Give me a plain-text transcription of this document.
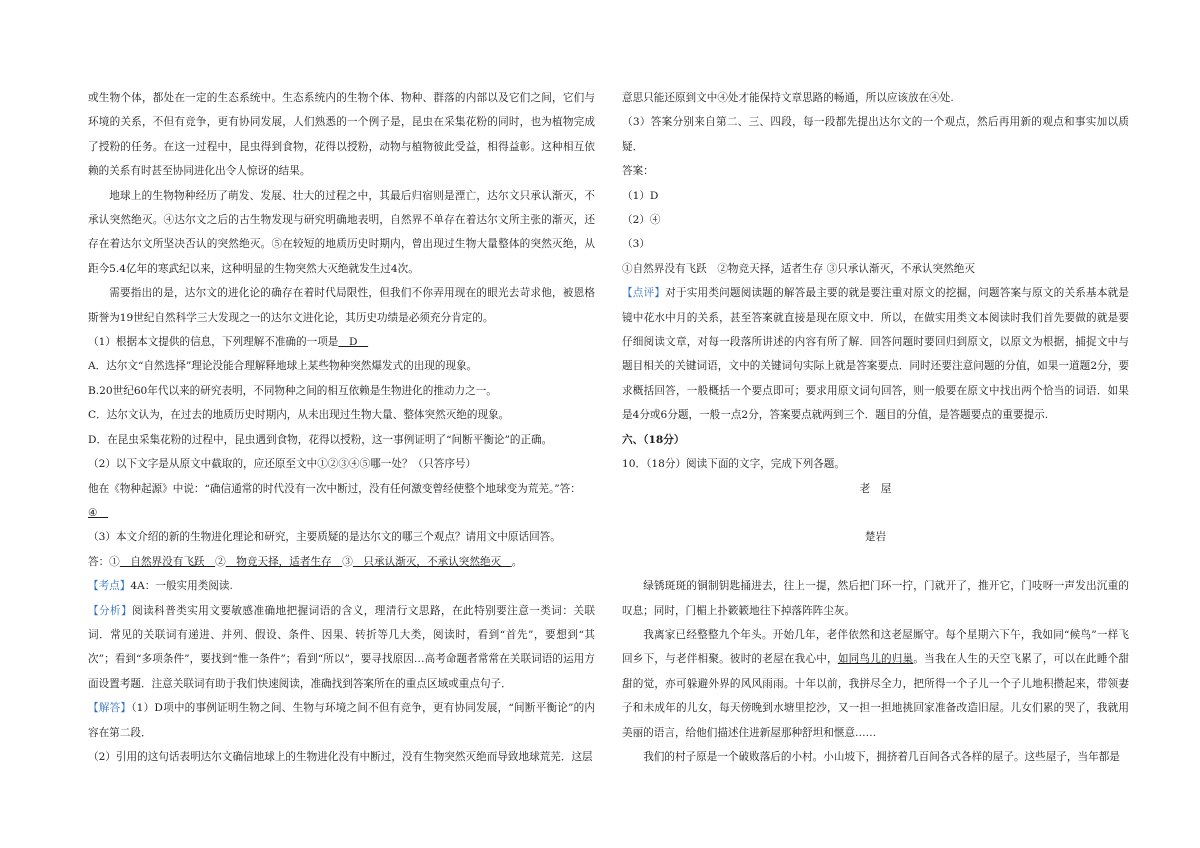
或生物个体，都处在一定的生态系统中。生态系统内的生物个体、物种、群落的内部以及它们之间，它们与环境的关系，不但有竞争，更有协同发展，人们熟悉的一个例子是，昆虫在采集花粉的同时，也为植物完成了授粉的任务。在这一过程中，昆虫得到食物，花得以授粉，动物与植物彼此受益，相得益彰。这种相互依赖的关系有时甚至协同进化出令人惊讶的结果。

地球上的生物物种经历了萌发、发展、壮大的过程之中，其最后归宿则是湮亡，达尔文只承认渐灭，不承认突然绝灭。④达尔文之后的古生物发现与研究明确地表明，自然界不单存在着达尔文所主张的渐灭，还存在着达尔文所坚决否认的突然绝灭。⑤在较短的地质历史时期内，曾出现过生物大量整体的突然灭绝，从距今5.4亿年的寒武纪以来，这种明显的生物突然大灭绝就发生过4次。

需要指出的是，达尔文的进化论的确存在着时代局限性，但我们不你弄用现在的眼光去苛求他，被恩格斯誉为19世纪自然科学三大发现之一的达尔文进化论，其历史功绩是必须充分肯定的。

（1）根据本文提供的信息，下列理解不准确的一项是　D　

A．达尔文“自然选择”理论没能合理解释地球上某些物种突然爆发式的出现的现象。

B.20世纪60年代以来的研究表明，不同物种之间的相互依赖是生物进化的推动力之一。

C．达尔文认为，在过去的地质历史时期内，从未出现过生物大量、整体突然灭绝的现象。

D．在昆虫采集花粉的过程中，昆虫遇到食物，花得以授粉，这一事例证明了“间断平衡论”的正确。

（2）以下文字是从原文中截取的，应还原至文中①②③④⑤哪一处？（只答序号）

他在《物种起源》中说：“确信通常的时代没有一次中断过，没有任何激变曾经使整个地球变为荒芜。”答：

④　

（3）本文介绍的新的生物进化理论和研究，主要质疑的是达尔文的哪三个观点？请用文中原话回答。

答：①　自然界没有飞跃　②　物竞天择，适者生存　③　只承认渐灭，不承认突然绝灭　。

【考点】4A：一般实用类阅读.

【分析】阅读科普类实用文要敏感准确地把握词语的含义，理清行文思路，在此特别要注意一类词：关联词．常见的关联词有递进、并列、假设、条件、因果、转折等几大类，阅读时，看到“首先”，要想到“其次”；看到“多项条件”，要找到“惟一条件”；看到“所以”，要寻找原因…高考命题者常常在关联词语的运用方面设置考题．注意关联词有助于我们快速阅读，准确找到答案所在的重点区域或重点句子．

【解答】（1）D项中的事例证明生物之间、生物与环境之间不但有竞争，更有协同发展，“间断平衡论”的内容在第二段．

（2）引用的这句话表明达尔文确信地球上的生物进化没有中断过，没有生物突然灭绝而导致地球荒芜．这层

意思只能还原到文中④处才能保持文章思路的畅通，所以应该放在④处.

（3）答案分别来自第二、三、四段，每一段都先提出达尔文的一个观点，然后再用新的观点和事实加以质疑．

答案：

（1）D

（2）④

（3）

①自然界没有飞跃　②物竞天择，适者生存 ③只承认渐灭，不承认突然绝灭

【点评】对于实用类问题阅读题的解答最主要的就是要注重对原文的挖掘，问题答案与原文的关系基本就是镜中花水中月的关系，甚至答案就直接是现在原文中．所以，在做实用类文本阅读时我们首先要做的就是要仔细阅读文章，对每一段落所讲述的内容有所了解．回答问题时要回归到原文，以原文为根据，捕捉文中与题目相关的关键词语，文中的关键词句实际上就是答案要点．同时还要注意问题的分值，如果一道题2分，要求概括回答，一般概括一个要点即可；要求用原文词句回答，则一般要在原文中找出两个恰当的词语．如果是4分或6分题，一般一点2分，答案要点就两到三个．题目的分值，是答题要点的重要提示.

六、（18分）

10．（18分）阅读下面的文字，完成下列各题。

老　屋

楚岩

绿锈斑斑的铜制钥匙捅进去，往上一提，然后把门环一拧，门就开了，推开它，门吱呀一声发出沉重的叹息；同时，门楣上扑簌簌地往下掉落阵阵尘灰。

我离家已经整整九个年头。开始几年，老伴依然和这老屋厮守。每个星期六下午，我如同“候鸟”一样飞回乡下，与老伴相聚。彼时的老屋在我心中，如同鸟儿的归巢。当我在人生的天空飞累了，可以在此睡个甜甜的觉，亦可躲避外界的风风雨雨。十年以前，我拼尽全力，把所得一个子儿一个子儿地积攒起来，带领妻子和未成年的儿女，每天傍晚到水塘里挖沙，又一担一担地挑回家准备改造旧屋。儿女们累的哭了，我就用美丽的语言，给他们描述住进新屋那种舒坦和惬意……

我们的村子原是一个破败落后的小村。小山坡下，拥挤着几百间各式各样的屋子。这些屋子，当年都是
